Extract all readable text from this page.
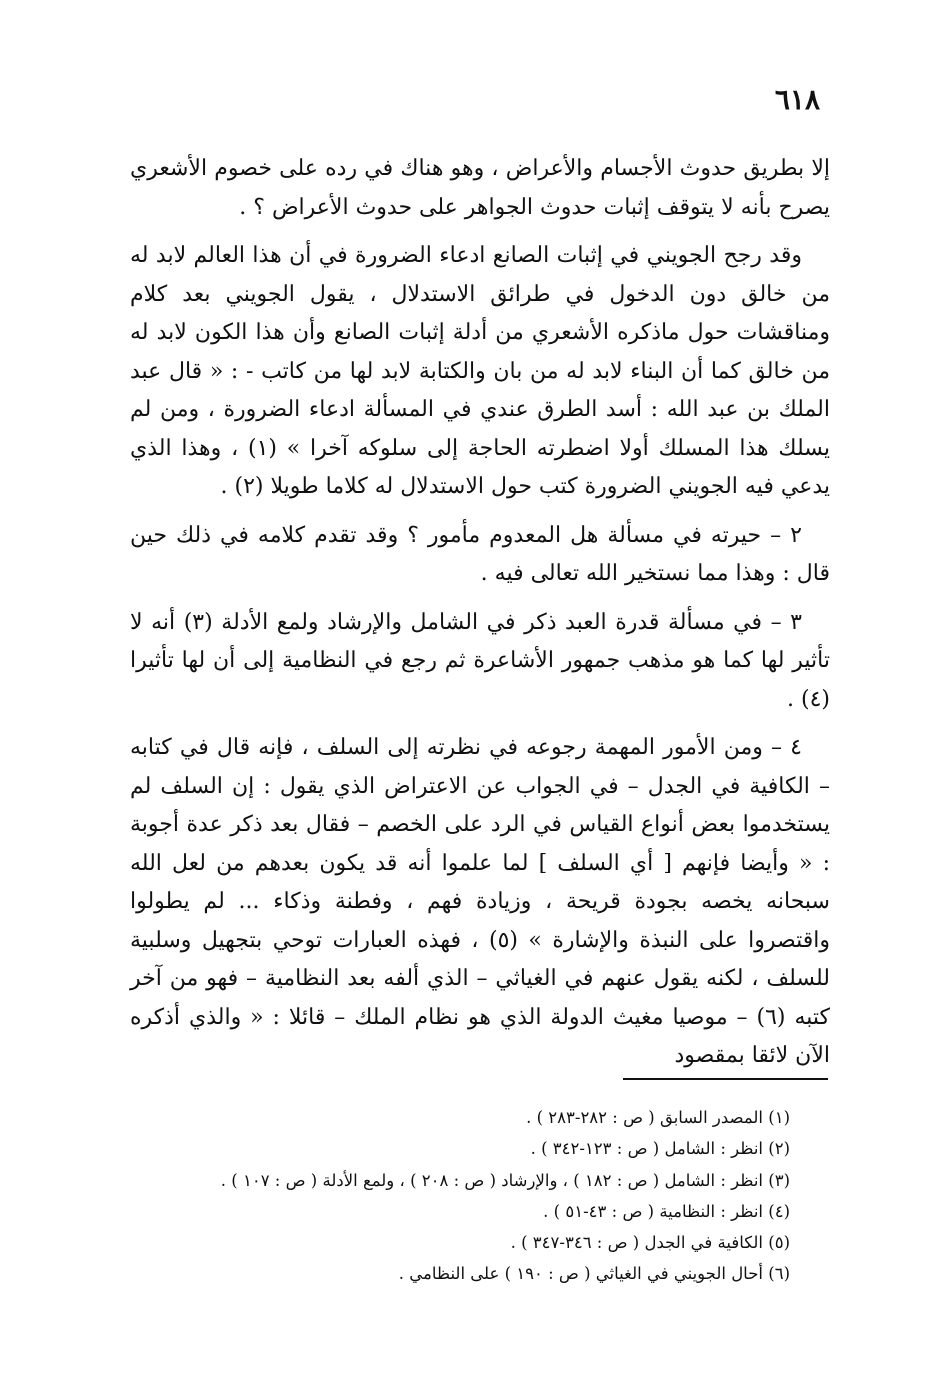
٦١٨

إلا بطريق حدوث الأجسام والأعراض ، وهو هناك في رده على خصوم الأشعري يصرح بأنه لا يتوقف إثبات حدوث الجواهر على حدوث الأعراض ؟ .

وقد رجح الجويني في إثبات الصانع ادعاء الضرورة في أن هذا العالم لابد له من خالق دون الدخول في طرائق الاستدلال ، يقول الجويني بعد كلام ومناقشات حول ماذكره الأشعري من أدلة إثبات الصانع وأن هذا الكون لابد له من خالق كما أن البناء لابد له من بان والكتابة لابد لها من كاتب - : « قال عبد الملك بن عبد الله : أسد الطرق عندي في المسألة ادعاء الضرورة ، ومن لم يسلك هذا المسلك أولا اضطرته الحاجة إلى سلوكه آخرا » (١) ، وهذا الذي يدعي فيه الجويني الضرورة كتب حول الاستدلال له كلاما طويلا (٢) .

٢ – حيرته في مسألة هل المعدوم مأمور ؟ وقد تقدم كلامه في ذلك حين قال : وهذا مما نستخير الله تعالى فيه .

٣ – في مسألة قدرة العبد ذكر في الشامل والإرشاد ولمع الأدلة (٣) أنه لا تأثير لها كما هو مذهب جمهور الأشاعرة ثم رجع في النظامية إلى أن لها تأثيرا (٤) .

٤ – ومن الأمور المهمة رجوعه في نظرته إلى السلف ، فإنه قال في كتابه – الكافية في الجدل – في الجواب عن الاعتراض الذي يقول : إن السلف لم يستخدموا بعض أنواع القياس في الرد على الخصم – فقال بعد ذكر عدة أجوبة : « وأيضا فإنهم [ أي السلف ] لما علموا أنه قد يكون بعدهم من لعل الله سبحانه يخصه بجودة قريحة ، وزيادة فهم ، وفطنة وذكاء ... لم يطولوا واقتصروا على النبذة والإشارة » (٥) ، فهذه العبارات توحي بتجهيل وسلبية للسلف ، لكنه يقول عنهم في الغياثي – الذي ألفه بعد النظامية – فهو من آخر كتبه (٦) – موصيا مغيث الدولة الذي هو نظام الملك – قائلا : « والذي أذكره الآن لائقا بمقصود

(١) المصدر السابق ( ص : ٢٨٢-٢٨٣ ) .

(٢) انظر : الشامل ( ص : ١٢٣-٣٤٢ ) .

(٣) انظر : الشامل ( ص : ١٨٢ ) ، والإرشاد ( ص : ٢٠٨ ) ، ولمع الأدلة ( ص : ١٠٧ ) .

(٤) انظر : النظامية ( ص : ٤٣-٥١ ) .

(٥) الكافية في الجدل ( ص : ٣٤٦-٣٤٧ ) .

(٦) أحال الجويني في الغياثي ( ص : ١٩٠ ) على النظامي .
